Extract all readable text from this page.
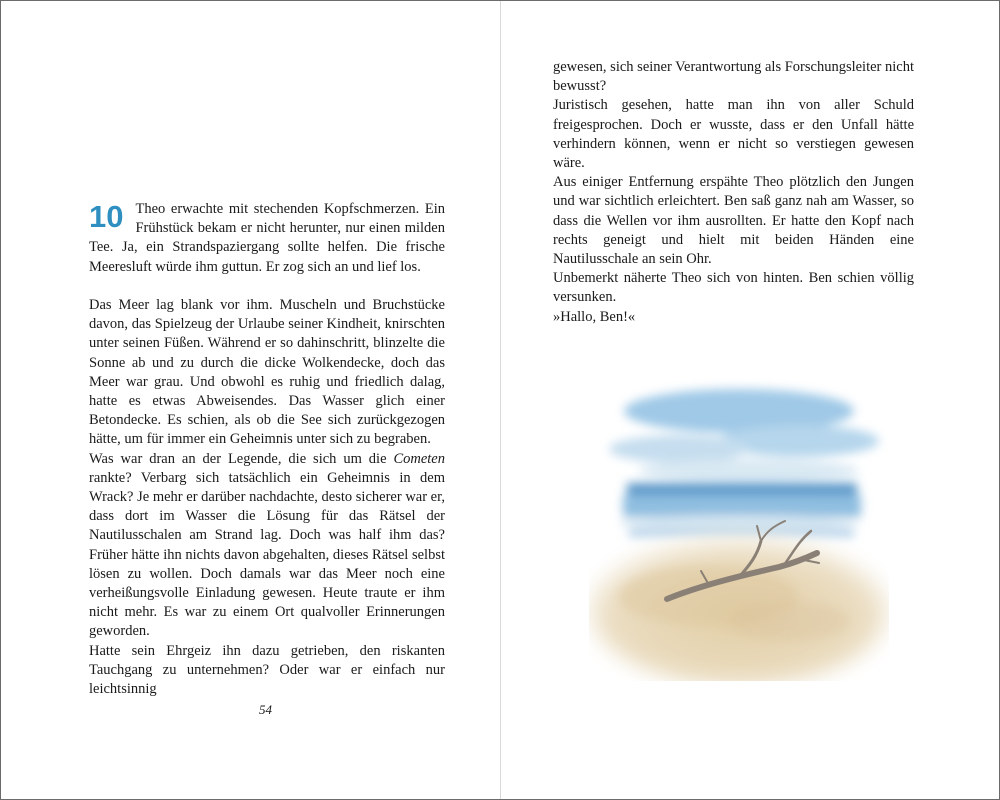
10 Theo erwachte mit stechenden Kopfschmerzen. Ein Frühstück bekam er nicht herunter, nur einen milden Tee. Ja, ein Strandspaziergang sollte helfen. Die frische Meeresluft würde ihm guttun. Er zog sich an und lief los.

Das Meer lag blank vor ihm. Muscheln und Bruchstücke davon, das Spielzeug der Urlaube seiner Kindheit, knirschten unter seinen Füßen. Während er so dahinschritt, blinzelte die Sonne ab und zu durch die dicke Wolkendecke, doch das Meer war grau. Und obwohl es ruhig und friedlich dalag, hatte es etwas Abweisendes. Das Wasser glich einer Betondecke. Es schien, als ob die See sich zurückgezogen hätte, um für immer ein Geheimnis unter sich zu begraben.

Was war dran an der Legende, die sich um die Cometen rankte? Verbarg sich tatsächlich ein Geheimnis in dem Wrack? Je mehr er darüber nachdachte, desto sicherer war er, dass dort im Wasser die Lösung für das Rätsel der Nautilusschalen am Strand lag. Doch was half ihm das? Früher hätte ihn nichts davon abgehalten, dieses Rätsel selbst lösen zu wollen. Doch damals war das Meer noch eine verheißungsvolle Einladung gewesen. Heute traute er ihm nicht mehr. Es war zu einem Ort qualvoller Erinnerungen geworden.

Hatte sein Ehrgeiz ihn dazu getrieben, den riskanten Tauchgang zu unternehmen? Oder war er einfach nur leichtsinnig

54

gewesen, sich seiner Verantwortung als Forschungsleiter nicht bewusst?

Juristisch gesehen, hatte man ihn von aller Schuld freigesprochen. Doch er wusste, dass er den Unfall hätte verhindern können, wenn er nicht so verstiegen gewesen wäre.

Aus einiger Entfernung erspähte Theo plötzlich den Jungen und war sichtlich erleichtert. Ben saß ganz nah am Wasser, so dass die Wellen vor ihm ausrollten. Er hatte den Kopf nach rechts geneigt und hielt mit beiden Händen eine Nautilusschale an sein Ohr.

Unbemerkt näherte Theo sich von hinten. Ben schien völlig versunken.

»Hallo, Ben!«
